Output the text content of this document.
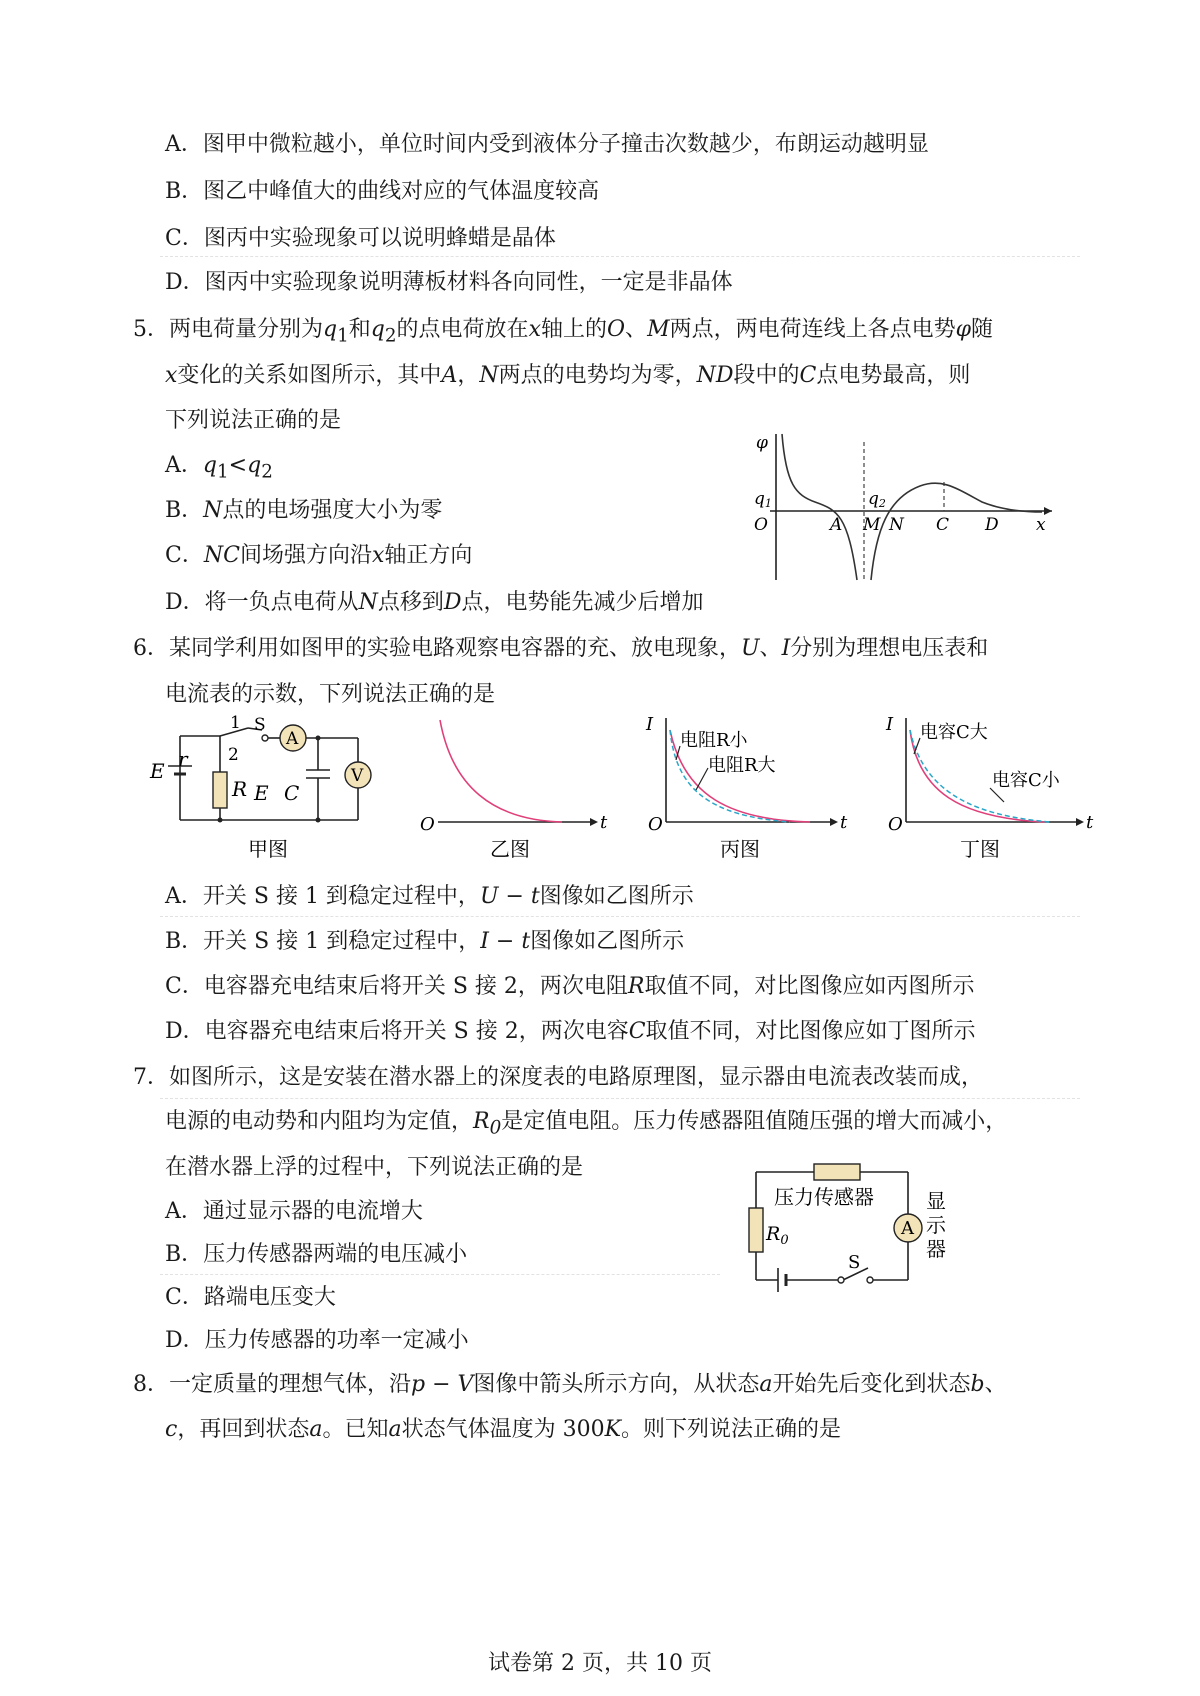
A．图甲中微粒越小，单位时间内受到液体分子撞击次数越少，布朗运动越明显
B．图乙中峰值大的曲线对应的气体温度较高
C．图丙中实验现象可以说明蜂蜡是晶体
D．图丙中实验现象说明薄板材料各向同性，一定是非晶体
5．两电荷量分别为$q_1$和$q_2$的点电荷放在x轴上的O、M两点，两电荷连线上各点电势φ随
x变化的关系如图所示，其中A，N两点的电势均为零，ND段中的C点电势最高，则
下列说法正确的是
A．$q_1<q_2$
B．N点的电场强度大小为零
C．NC间场强方向沿x轴正方向
D．将一负点电荷从N点移到D点，电势能先减少后增加
φ
q1	q2
O	A M N C D x
6．某同学利用如图甲的实验电路观察电容器的充、放电现象，U、I分别为理想电压表和
电流表的示数，下列说法正确的是
E r
1
2
S
A
R E C
V
甲图
O	t
乙图
I
O	t
电阻R小
电阻R大
丙图
I
O	t
电容C大
电容C小
丁图
A．开关 S 接 1 到稳定过程中，U − t图像如乙图所示
B．开关 S 接 1 到稳定过程中，I − t图像如乙图所示
C．电容器充电结束后将开关 S 接 2，两次电阻R取值不同，对比图像应如丙图所示
D．电容器充电结束后将开关 S 接 2，两次电容C取值不同，对比图像应如丁图所示
7．如图所示，这是安装在潜水器上的深度表的电路原理图，显示器由电流表改装而成，
电源的电动势和内阻均为定值，$R_0$是定值电阻。压力传感器阻值随压强的增大而减小，
在潜水器上浮的过程中，下列说法正确的是
A．通过显示器的电流增大
B．压力传感器两端的电压减小
C．路端电压变大
D．压力传感器的功率一定减小
压力传感器
$R_0$
A
S
显
示
器
8．一定质量的理想气体，沿p − V图像中箭头所示方向，从状态a开始先后变化到状态b、
c，再回到状态a。已知a状态气体温度为 300K。则下列说法正确的是
试卷第 2 页，共 10 页
